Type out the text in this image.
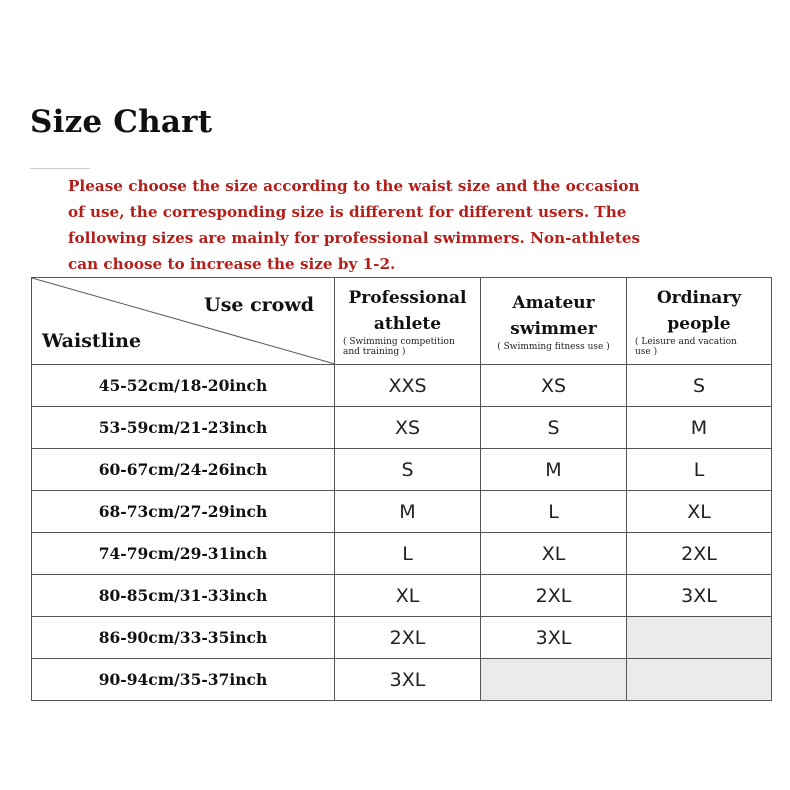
Size Chart
Please choose the size according to the waist size and the occasion
of use, the corresponding size is different for different users. The
following sizes are mainly for professional swimmers. Non-athletes
can choose to increase the size by 1-2.
Use crowd
Waistline	Professional
athlete
( Swimming competition
and training )	Amateur
swimmer
( Swimming fitness use )	Ordinary
people
( Leisure and vacation
use )

45-52cm/18-20inch	XXS	XS	S
53-59cm/21-23inch	XS	S	M
60-67cm/24-26inch	S	M	L
68-73cm/27-29inch	M	L	XL
74-79cm/29-31inch	L	XL	2XL
80-85cm/31-33inch	XL	2XL	3XL
86-90cm/33-35inch	2XL	3XL	
90-94cm/35-37inch	3XL		
